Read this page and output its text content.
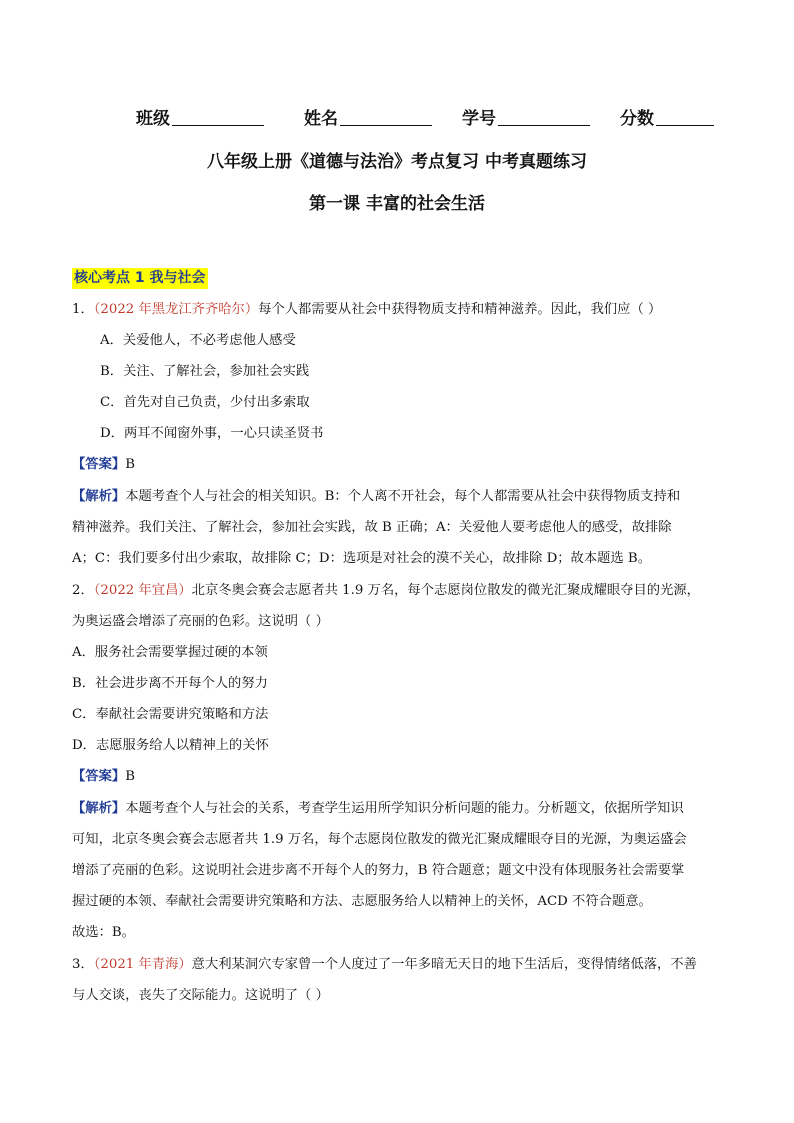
班级	姓名	学号	分数
八年级上册《道德与法治》考点复习 中考真题练习
第一课 丰富的社会生活
核心考点 1 我与社会
1．（2022 年黑龙江齐齐哈尔）每个人都需要从社会中获得物质支持和精神滋养。因此，我们应（ ）
A．关爱他人，不必考虑他人感受
B．关注、了解社会，参加社会实践
C．首先对自己负责，少付出多索取
D．两耳不闻窗外事，一心只读圣贤书
【答案】B
【解析】本题考查个人与社会的相关知识。B：个人离不开社会，每个人都需要从社会中获得物质支持和
精神滋养。我们关注、了解社会，参加社会实践，故 B 正确；A：关爱他人要考虑他人的感受，故排除
A；C：我们要多付出少索取，故排除 C；D：选项是对社会的漠不关心，故排除 D；故本题选 B。
2．（2022 年宜昌）北京冬奥会赛会志愿者共 1.9 万名，每个志愿岗位散发的微光汇聚成耀眼夺目的光源，
为奥运盛会增添了亮丽的色彩。这说明（ ）
A．服务社会需要掌握过硬的本领
B．社会进步离不开每个人的努力
C．奉献社会需要讲究策略和方法
D．志愿服务给人以精神上的关怀
【答案】B
【解析】本题考查个人与社会的关系，考查学生运用所学知识分析问题的能力。分析题文，依据所学知识
可知，北京冬奥会赛会志愿者共 1.9 万名，每个志愿岗位散发的微光汇聚成耀眼夺目的光源，为奥运盛会
增添了亮丽的色彩。这说明社会进步离不开每个人的努力，B 符合题意；题文中没有体现服务社会需要掌
握过硬的本领、奉献社会需要讲究策略和方法、志愿服务给人以精神上的关怀，ACD 不符合题意。
故选：B。
3．（2021 年青海）意大利某洞穴专家曾一个人度过了一年多暗无天日的地下生活后，变得情绪低落，不善
与人交谈，丧失了交际能力。这说明了（ ）
